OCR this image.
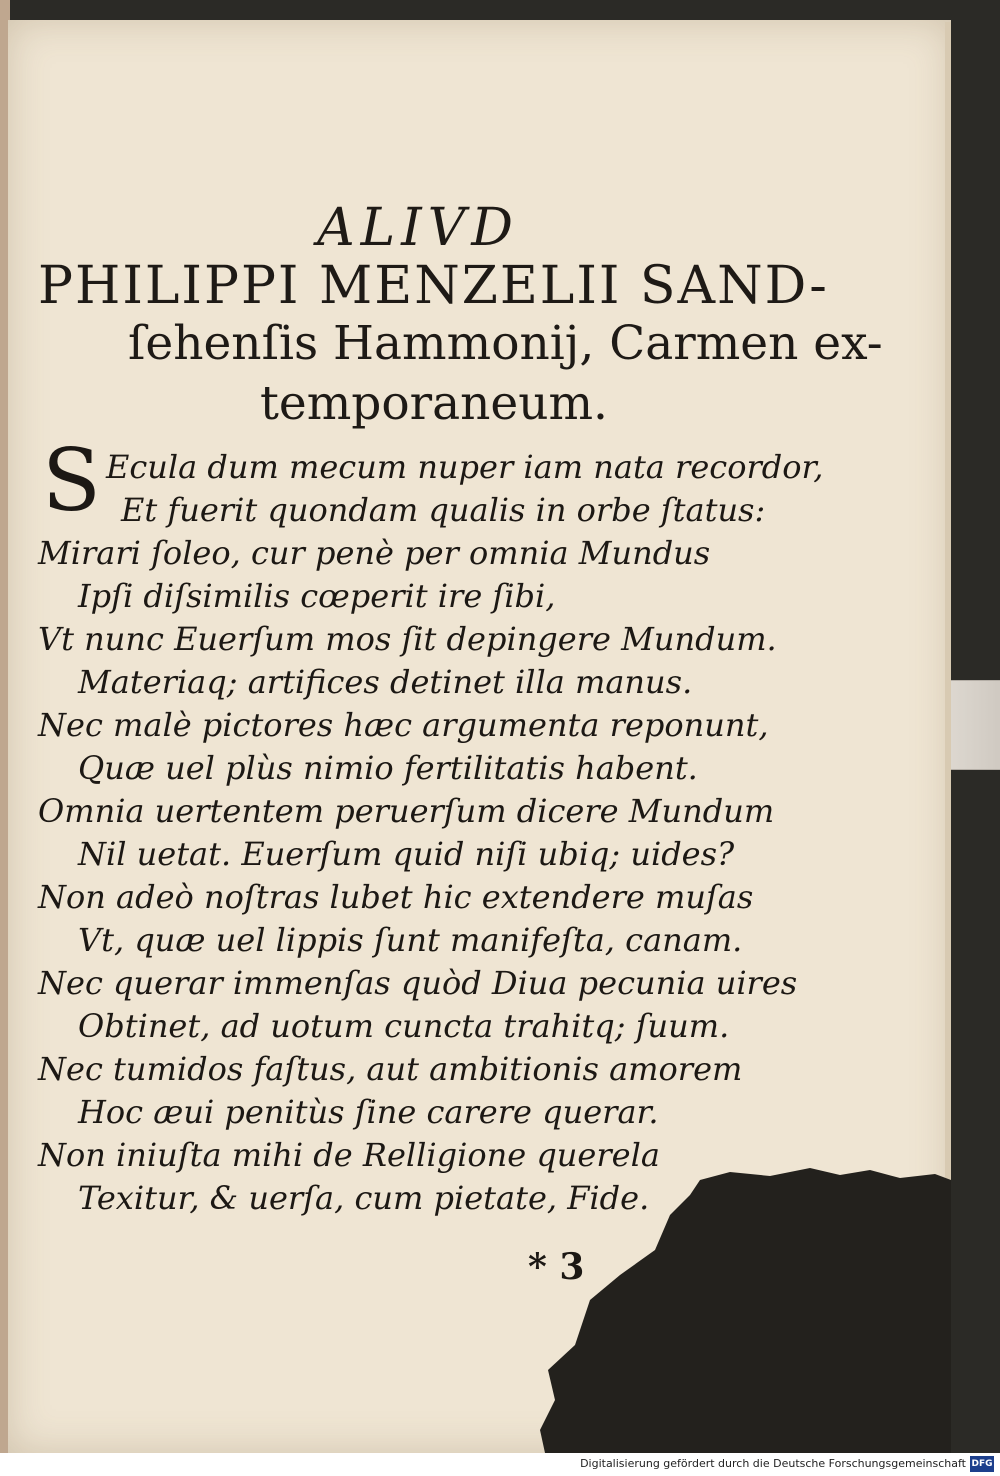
ALIVD
PHILIPPI MENZELII SAND-
ſehenſis Hammonij, Carmen ex-
temporaneum.
S Ecula dum mecum nuper iam nata recordor,
Et fuerit quondam qualis in orbe ſtatus:
Mirari ſoleo, cur penè per omnia Mundus
Ipſi diſsimilis cœperit ire ſibi,
Vt nunc Euerſum mos ſit depingere Mundum.
Materiaq; artifices detinet illa manus.
Nec malè pictores hæc argumenta reponunt,
Quæ uel plùs nimio fertilitatis habent.
Omnia uertentem peruerſum dicere Mundum
Nil uetat. Euerſum quid niſi ubiq; uides?
Non adeò noſtras lubet hic extendere muſas
Vt, quæ uel lippis ſunt manifeſta, canam.
Nec querar immenſas quòd Diua pecunia uires
Obtinet, ad uotum cuncta trahitq; ſuum.
Nec tumidos faſtus, aut ambitionis amorem
Hoc æui penitùs ſine carere querar.
Non iniuſta mihi de Relligione querela
Texitur, & uerſa, cum pietate, Fide.
* 3
Digitalisierung gefördert durch die Deutsche Forschungsgemeinschaft DFG
